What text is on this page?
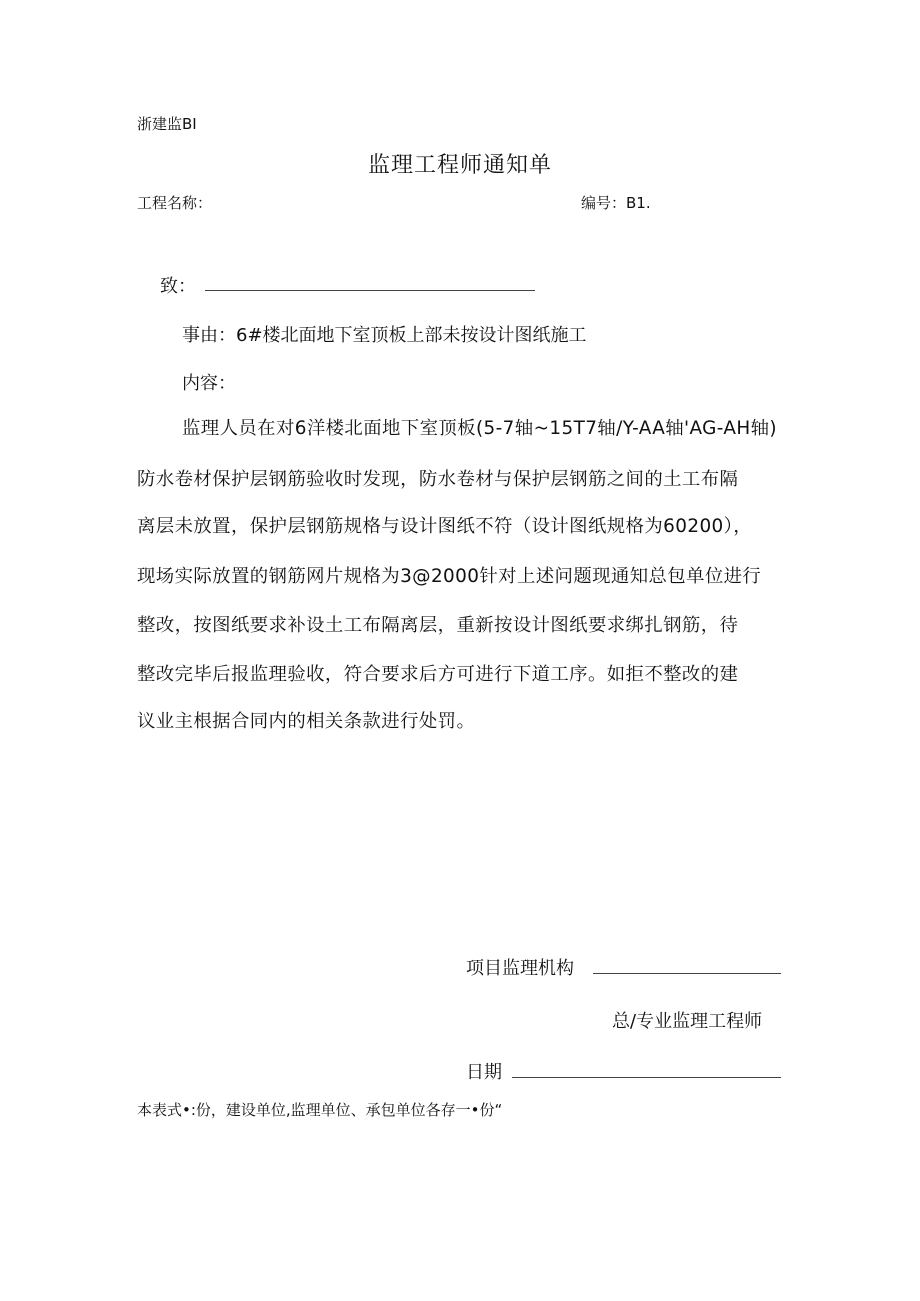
浙建监BI
监理工程师通知单
工程名称：	编号：B1.
致：
事由：6#楼北面地下室顶板上部未按设计图纸施工
内容：
监理人员在对6洋楼北面地下室顶板(5-7轴~15T7轴/Y-AA轴'AG-AH轴)
防水卷材保护层钢筋验收时发现，防水卷材与保护层钢筋之间的土工布隔
离层未放置，保护层钢筋规格与设计图纸不符（设计图纸规格为60200），
现场实际放置的钢筋网片规格为3@2000针对上述问题现通知总包单位进行
整改，按图纸要求补设土工布隔离层，重新按设计图纸要求绑扎钢筋，待
整改完毕后报监理验收，符合要求后方可进行下道工序。如拒不整改的建
议业主根据合同内的相关条款进行处罚。
项目监理机构
总/专业监理工程师
日期
本表式•:份，建设单位,监理单位、承包单位各存一•份“
